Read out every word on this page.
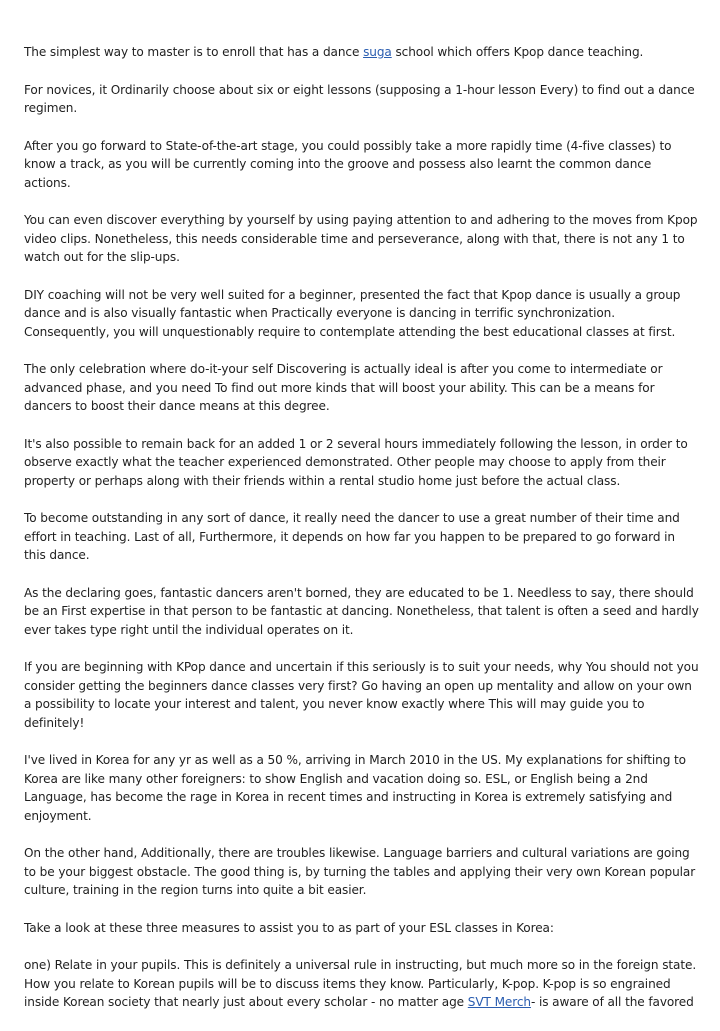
The simplest way to master is to enroll that has a dance suga school which offers Kpop dance teaching.

For novices, it Ordinarily choose about six or eight lessons (supposing a 1-hour lesson Every) to find out a dance regimen.

After you go forward to State-of-the-art stage, you could possibly take a more rapidly time (4-five classes) to know a track, as you will be currently coming into the groove and possess also learnt the common dance actions.

You can even discover everything by yourself by using paying attention to and adhering to the moves from Kpop video clips. Nonetheless, this needs considerable time and perseverance, along with that, there is not any 1 to watch out for the slip-ups.

DIY coaching will not be very well suited for a beginner, presented the fact that Kpop dance is usually a group dance and is also visually fantastic when Practically everyone is dancing in terrific synchronization. Consequently, you will unquestionably require to contemplate attending the best educational classes at first.

The only celebration where do-it-your self Discovering is actually ideal is after you come to intermediate or advanced phase, and you need To find out more kinds that will boost your ability. This can be a means for dancers to boost their dance means at this degree.

It's also possible to remain back for an added 1 or 2 several hours immediately following the lesson, in order to observe exactly what the teacher experienced demonstrated. Other people may choose to apply from their property or perhaps along with their friends within a rental studio home just before the actual class.

To become outstanding in any sort of dance, it really need the dancer to use a great number of their time and effort in teaching. Last of all, Furthermore, it depends on how far you happen to be prepared to go forward in this dance.

As the declaring goes, fantastic dancers aren't borned, they are educated to be 1. Needless to say, there should be an First expertise in that person to be fantastic at dancing. Nonetheless, that talent is often a seed and hardly ever takes type right until the individual operates on it.

If you are beginning with KPop dance and uncertain if this seriously is to suit your needs, why You should not you consider getting the beginners dance classes very first? Go having an open up mentality and allow on your own a possibility to locate your interest and talent, you never know exactly where This will may guide you to definitely!

I've lived in Korea for any yr as well as a 50 %, arriving in March 2010 in the US. My explanations for shifting to Korea are like many other foreigners: to show English and vacation doing so. ESL, or English being a 2nd Language, has become the rage in Korea in recent times and instructing in Korea is extremely satisfying and enjoyment.

On the other hand, Additionally, there are troubles likewise. Language barriers and cultural variations are going to be your biggest obstacle. The good thing is, by turning the tables and applying their very own Korean popular culture, training in the region turns into quite a bit easier.

Take a look at these three measures to assist you to as part of your ESL classes in Korea:

one) Relate in your pupils. This is definitely a universal rule in instructing, but much more so in the foreign state. How you relate to Korean pupils will be to discuss items they know. Particularly, K-pop. K-pop is so engrained inside Korean society that nearly just about every scholar - no matter age SVT Merch- is aware of all the favored
